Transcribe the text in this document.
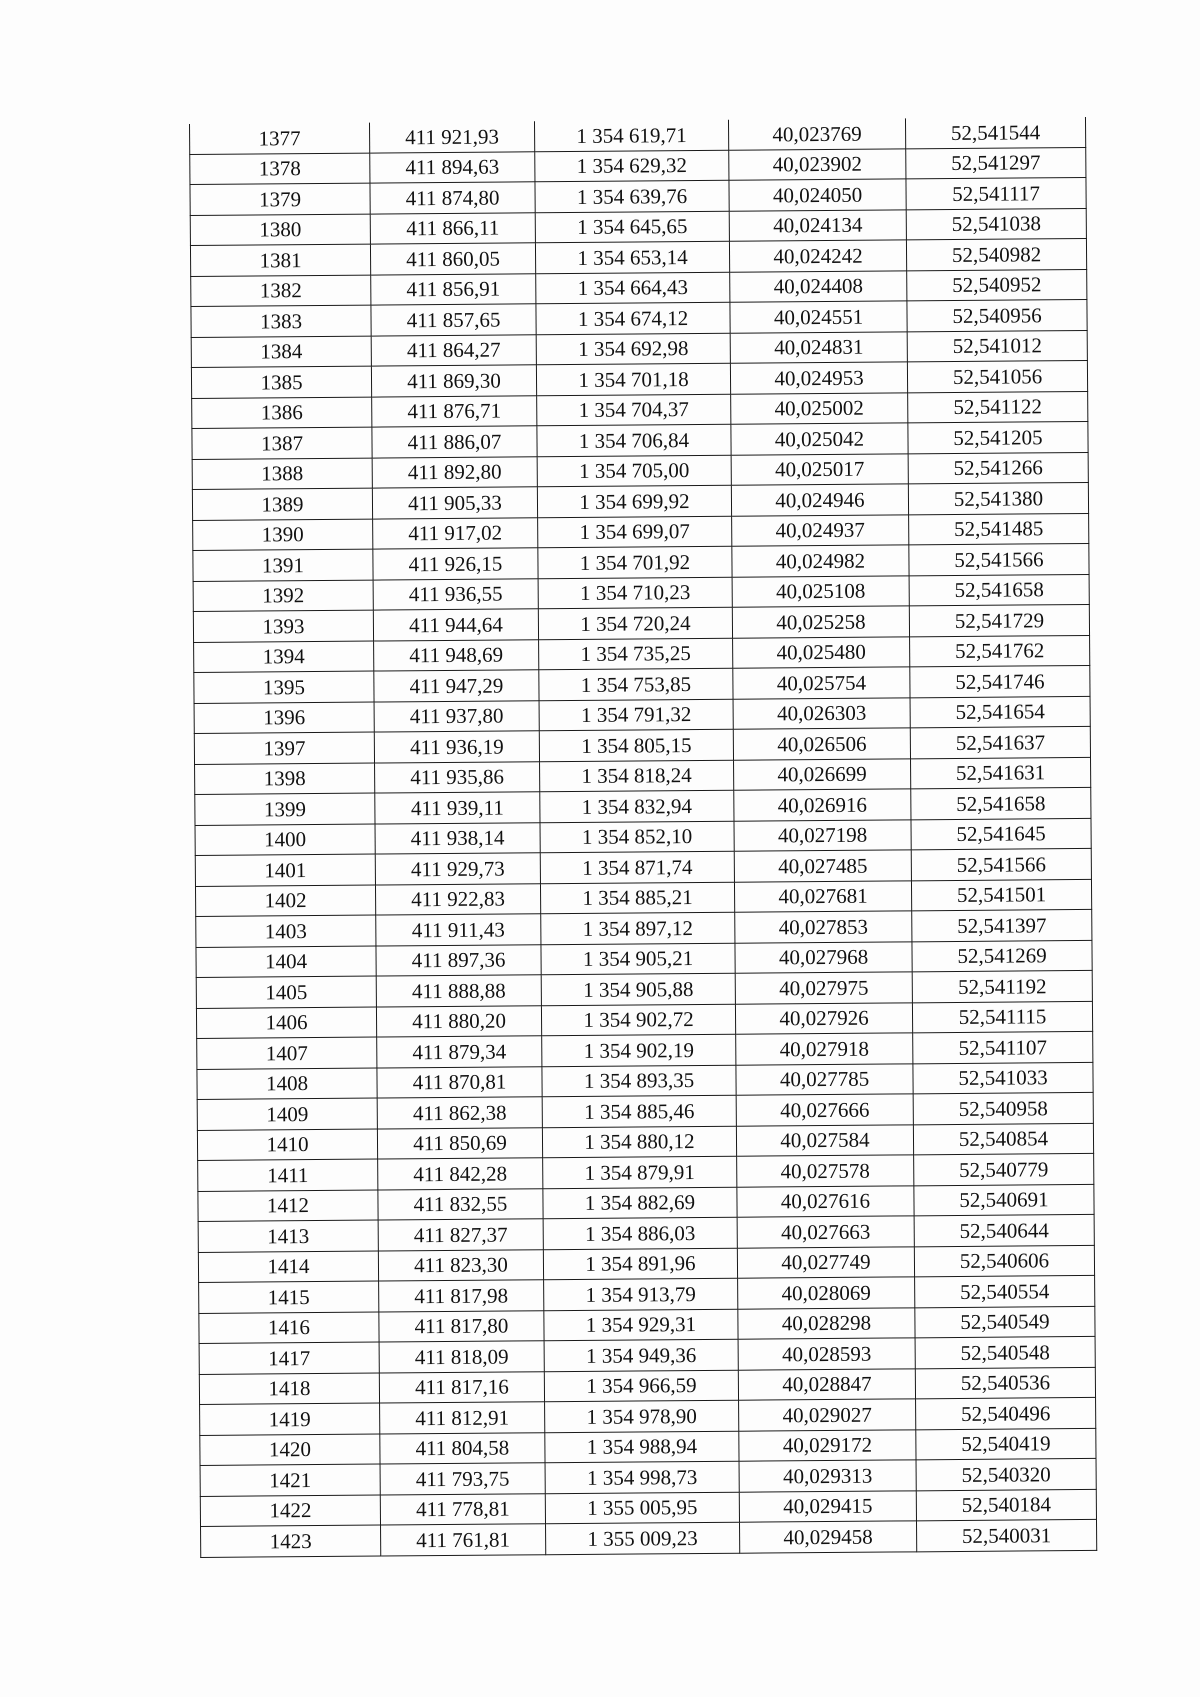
1377	411 921,93	1 354 619,71	40,023769	52,541544
1378	411 894,63	1 354 629,32	40,023902	52,541297
1379	411 874,80	1 354 639,76	40,024050	52,541117
1380	411 866,11	1 354 645,65	40,024134	52,541038
1381	411 860,05	1 354 653,14	40,024242	52,540982
1382	411 856,91	1 354 664,43	40,024408	52,540952
1383	411 857,65	1 354 674,12	40,024551	52,540956
1384	411 864,27	1 354 692,98	40,024831	52,541012
1385	411 869,30	1 354 701,18	40,024953	52,541056
1386	411 876,71	1 354 704,37	40,025002	52,541122
1387	411 886,07	1 354 706,84	40,025042	52,541205
1388	411 892,80	1 354 705,00	40,025017	52,541266
1389	411 905,33	1 354 699,92	40,024946	52,541380
1390	411 917,02	1 354 699,07	40,024937	52,541485
1391	411 926,15	1 354 701,92	40,024982	52,541566
1392	411 936,55	1 354 710,23	40,025108	52,541658
1393	411 944,64	1 354 720,24	40,025258	52,541729
1394	411 948,69	1 354 735,25	40,025480	52,541762
1395	411 947,29	1 354 753,85	40,025754	52,541746
1396	411 937,80	1 354 791,32	40,026303	52,541654
1397	411 936,19	1 354 805,15	40,026506	52,541637
1398	411 935,86	1 354 818,24	40,026699	52,541631
1399	411 939,11	1 354 832,94	40,026916	52,541658
1400	411 938,14	1 354 852,10	40,027198	52,541645
1401	411 929,73	1 354 871,74	40,027485	52,541566
1402	411 922,83	1 354 885,21	40,027681	52,541501
1403	411 911,43	1 354 897,12	40,027853	52,541397
1404	411 897,36	1 354 905,21	40,027968	52,541269
1405	411 888,88	1 354 905,88	40,027975	52,541192
1406	411 880,20	1 354 902,72	40,027926	52,541115
1407	411 879,34	1 354 902,19	40,027918	52,541107
1408	411 870,81	1 354 893,35	40,027785	52,541033
1409	411 862,38	1 354 885,46	40,027666	52,540958
1410	411 850,69	1 354 880,12	40,027584	52,540854
1411	411 842,28	1 354 879,91	40,027578	52,540779
1412	411 832,55	1 354 882,69	40,027616	52,540691
1413	411 827,37	1 354 886,03	40,027663	52,540644
1414	411 823,30	1 354 891,96	40,027749	52,540606
1415	411 817,98	1 354 913,79	40,028069	52,540554
1416	411 817,80	1 354 929,31	40,028298	52,540549
1417	411 818,09	1 354 949,36	40,028593	52,540548
1418	411 817,16	1 354 966,59	40,028847	52,540536
1419	411 812,91	1 354 978,90	40,029027	52,540496
1420	411 804,58	1 354 988,94	40,029172	52,540419
1421	411 793,75	1 354 998,73	40,029313	52,540320
1422	411 778,81	1 355 005,95	40,029415	52,540184
1423	411 761,81	1 355 009,23	40,029458	52,540031
